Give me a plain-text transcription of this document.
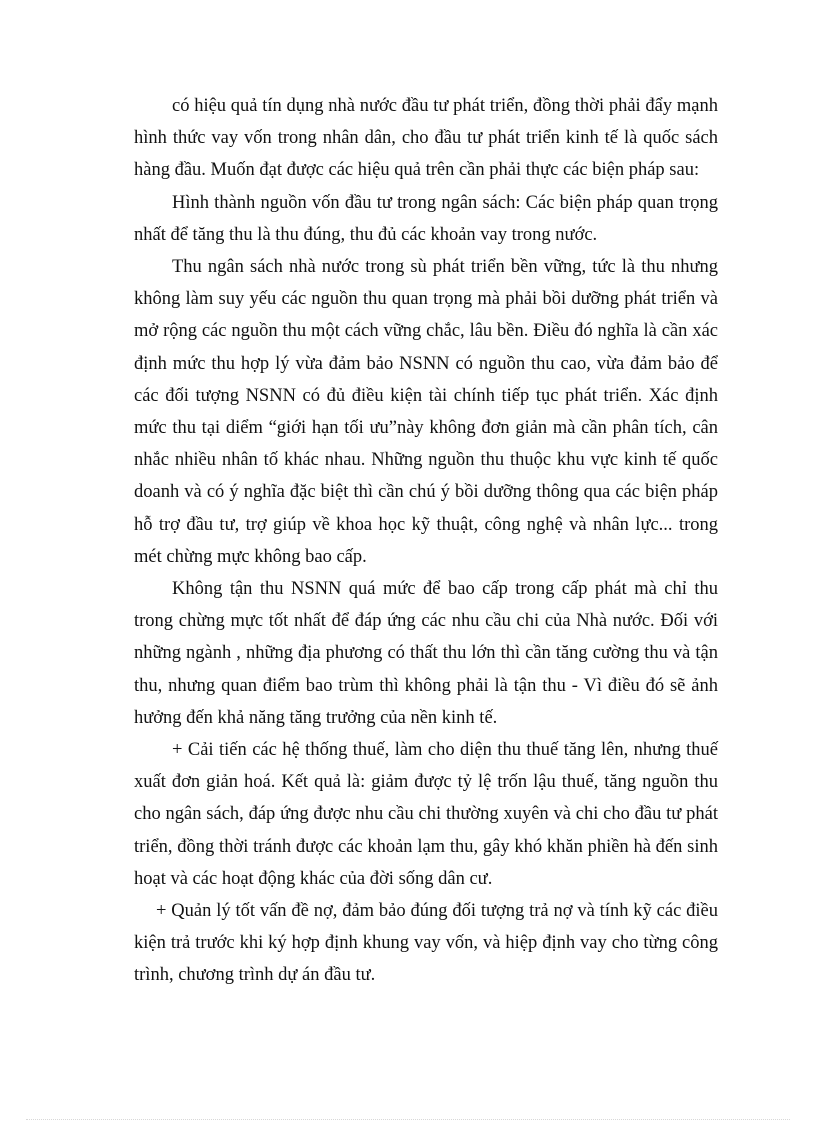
có hiệu quả tín dụng nhà nước đầu tư phát triển, đồng thời phải đẩy mạnh hình thức vay vốn trong nhân dân, cho đầu tư phát triển kinh tế là quốc sách hàng đầu. Muốn đạt được các hiệu quả trên cần phải thực các biện pháp sau:

Hình thành nguồn vốn đầu tư trong ngân sách: Các biện pháp quan trọng nhất để tăng thu là thu đúng, thu đủ các khoản vay trong nước.

Thu ngân sách nhà nước trong sù phát triển bền vững, tức là thu nhưng không làm suy yếu các nguồn thu quan trọng mà phải bồi dưỡng phát triển và mở rộng các nguồn thu một cách vững chắc, lâu bền. Điều đó nghĩa là cần xác định mức thu hợp lý vừa đảm bảo NSNN có nguồn thu cao, vừa đảm bảo để các đối tượng NSNN có đủ điều kiện tài chính tiếp tục phát triển. Xác định mức thu tại diểm “giới hạn tối ưu”này không đơn giản mà cần phân tích, cân nhắc nhiều nhân tố khác nhau. Những nguồn thu thuộc khu vực kinh tế quốc doanh và có ý nghĩa đặc biệt thì cần chú ý bồi dưỡng thông qua các biện pháp hỗ trợ đầu tư, trợ giúp về khoa học kỹ thuật, công nghệ và nhân lực... trong mét chừng mực không bao cấp.

Không tận thu NSNN quá mức để bao cấp trong cấp phát mà chỉ thu trong chừng mực tốt nhất để đáp ứng các nhu cầu chi của Nhà nước. Đối với những ngành , những địa phương có thất thu lớn thì cần tăng cường thu và tận thu, nhưng quan điểm bao trùm thì không phải là tận thu - Vì điều đó sẽ ảnh hưởng đến khả năng tăng trưởng của nền kinh tế.

+ Cải tiến các hệ thống thuế, làm cho diện thu thuế tăng lên, nhưng thuế xuất đơn giản hoá. Kết quả là: giảm được tỷ lệ trốn lậu thuế, tăng nguồn thu cho ngân sách, đáp ứng được nhu cầu chi thường xuyên và chi cho đầu tư phát triển, đồng thời tránh được các khoản lạm thu, gây khó khăn phiền hà đến sinh hoạt và các hoạt động khác của đời sống dân cư.

+ Quản lý tốt vấn đề nợ, đảm bảo đúng đối tượng trả nợ và tính kỹ các điều kiện trả trước khi ký hợp định khung vay vốn, và hiệp định vay cho từng công trình, chương trình dự án đầu tư.
